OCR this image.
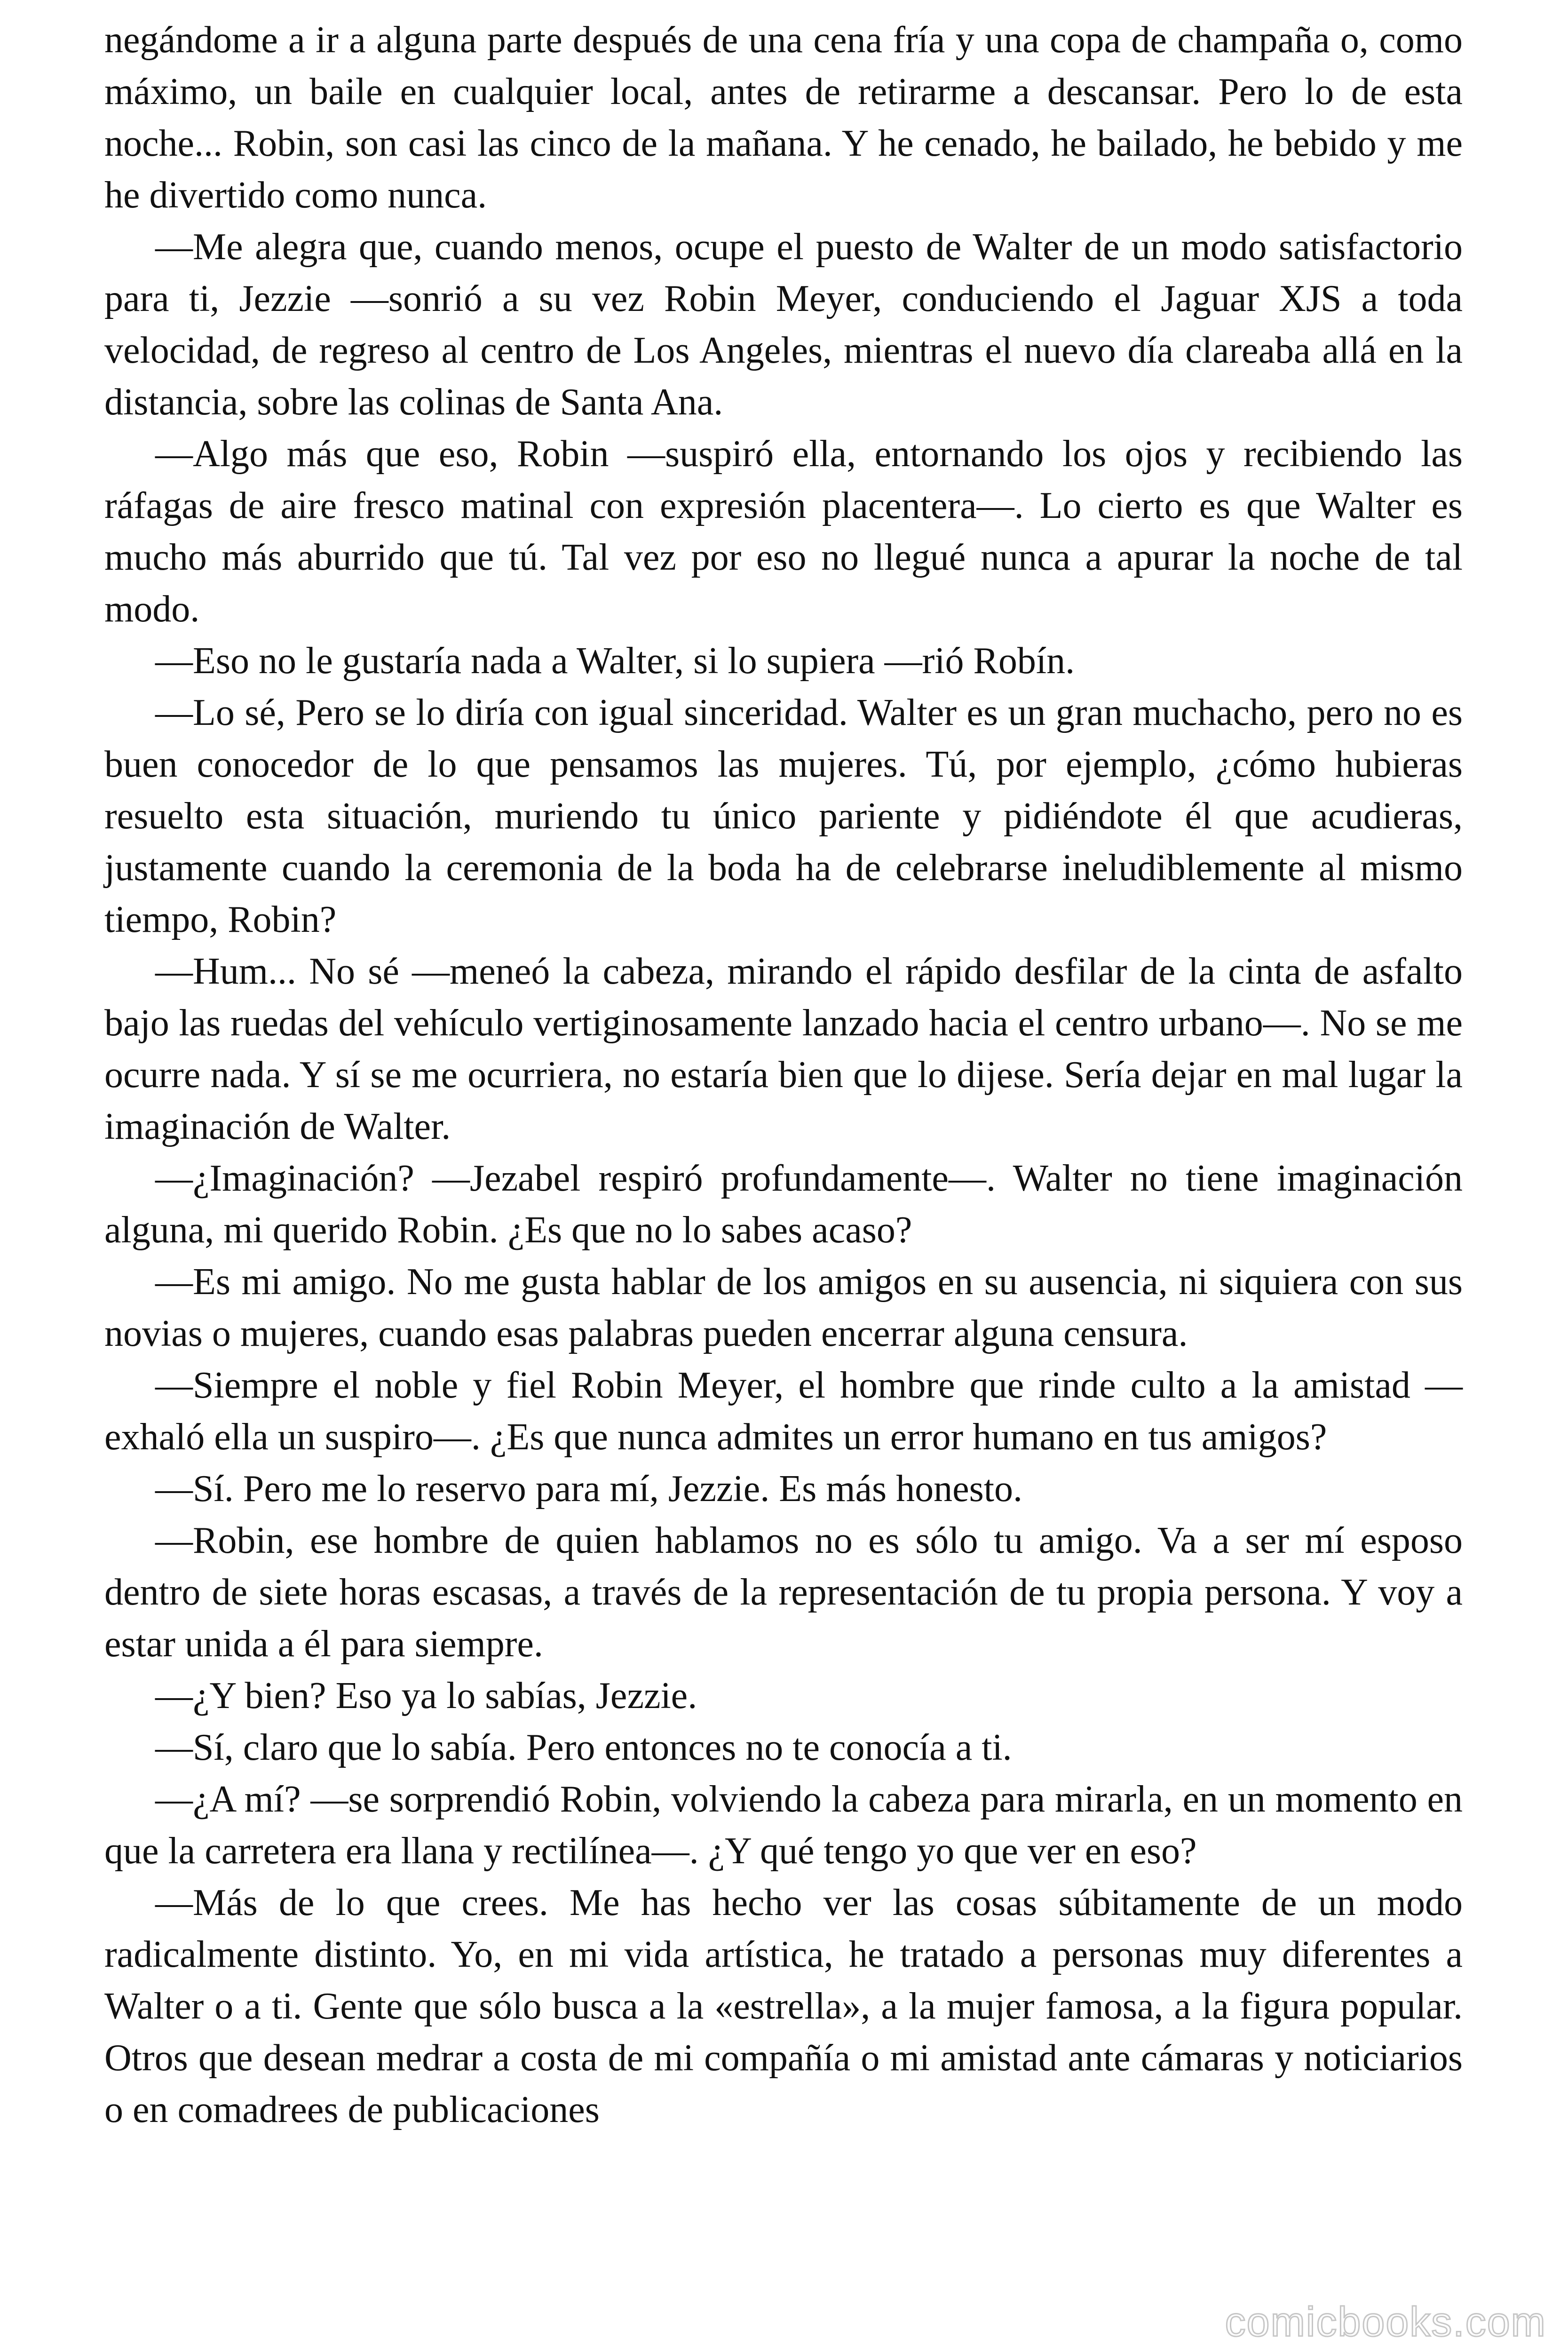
negándome a ir a alguna parte después de una cena fría y una copa de champaña o, como máximo, un baile en cualquier local, antes de retirarme a descansar. Pero lo de esta noche... Robin, son casi las cinco de la mañana. Y he cenado, he bailado, he bebido y me he divertido como nunca.

—Me alegra que, cuando menos, ocupe el puesto de Walter de un modo satisfactorio para ti, Jezzie —sonrió a su vez Robin Meyer, conduciendo el Jaguar XJS a toda velocidad, de regreso al centro de Los Angeles, mientras el nuevo día clareaba allá en la distancia, sobre las colinas de Santa Ana.

—Algo más que eso, Robin —suspiró ella, entornando los ojos y recibiendo las ráfagas de aire fresco matinal con expresión placentera—. Lo cierto es que Walter es mucho más aburrido que tú. Tal vez por eso no llegué nunca a apurar la noche de tal modo.

—Eso no le gustaría nada a Walter, si lo supiera —rió Robín.

—Lo sé, Pero se lo diría con igual sinceridad. Walter es un gran muchacho, pero no es buen conocedor de lo que pensamos las mujeres. Tú, por ejemplo, ¿cómo hubieras resuelto esta situación, muriendo tu único pariente y pidiéndote él que acudieras, justamente cuando la ceremonia de la boda ha de celebrarse ineludiblemente al mismo tiempo, Robin?

—Hum... No sé —meneó la cabeza, mirando el rápido desfilar de la cinta de asfalto bajo las ruedas del vehículo vertiginosamente lanzado hacia el centro urbano—. No se me ocurre nada. Y sí se me ocurriera, no estaría bien que lo dijese. Sería dejar en mal lugar la imaginación de Walter.

—¿Imaginación? —Jezabel respiró profundamente—. Walter no tiene imaginación alguna, mi querido Robin. ¿Es que no lo sabes acaso?

—Es mi amigo. No me gusta hablar de los amigos en su ausencia, ni siquiera con sus novias o mujeres, cuando esas palabras pueden encerrar alguna censura.

—Siempre el noble y fiel Robin Meyer, el hombre que rinde culto a la amistad —exhaló ella un suspiro—. ¿Es que nunca admites un error humano en tus amigos?

—Sí. Pero me lo reservo para mí, Jezzie. Es más honesto.

—Robin, ese hombre de quien hablamos no es sólo tu amigo. Va a ser mí esposo dentro de siete horas escasas, a través de la representación de tu propia persona. Y voy a estar unida a él para siempre.

—¿Y bien? Eso ya lo sabías, Jezzie.

—Sí, claro que lo sabía. Pero entonces no te conocía a ti.

—¿A mí? —se sorprendió Robin, volviendo la cabeza para mirarla, en un momento en que la carretera era llana y rectilínea—. ¿Y qué tengo yo que ver en eso?

—Más de lo que crees. Me has hecho ver las cosas súbitamente de un modo radicalmente distinto. Yo, en mi vida artística, he tratado a personas muy diferentes a Walter o a ti. Gente que sólo busca a la «estrella», a la mujer famosa, a la figura popular. Otros que desean medrar a costa de mi compañía o mi amistad ante cámaras y noticiarios o en comadrees de publicaciones

comicbooks.com
